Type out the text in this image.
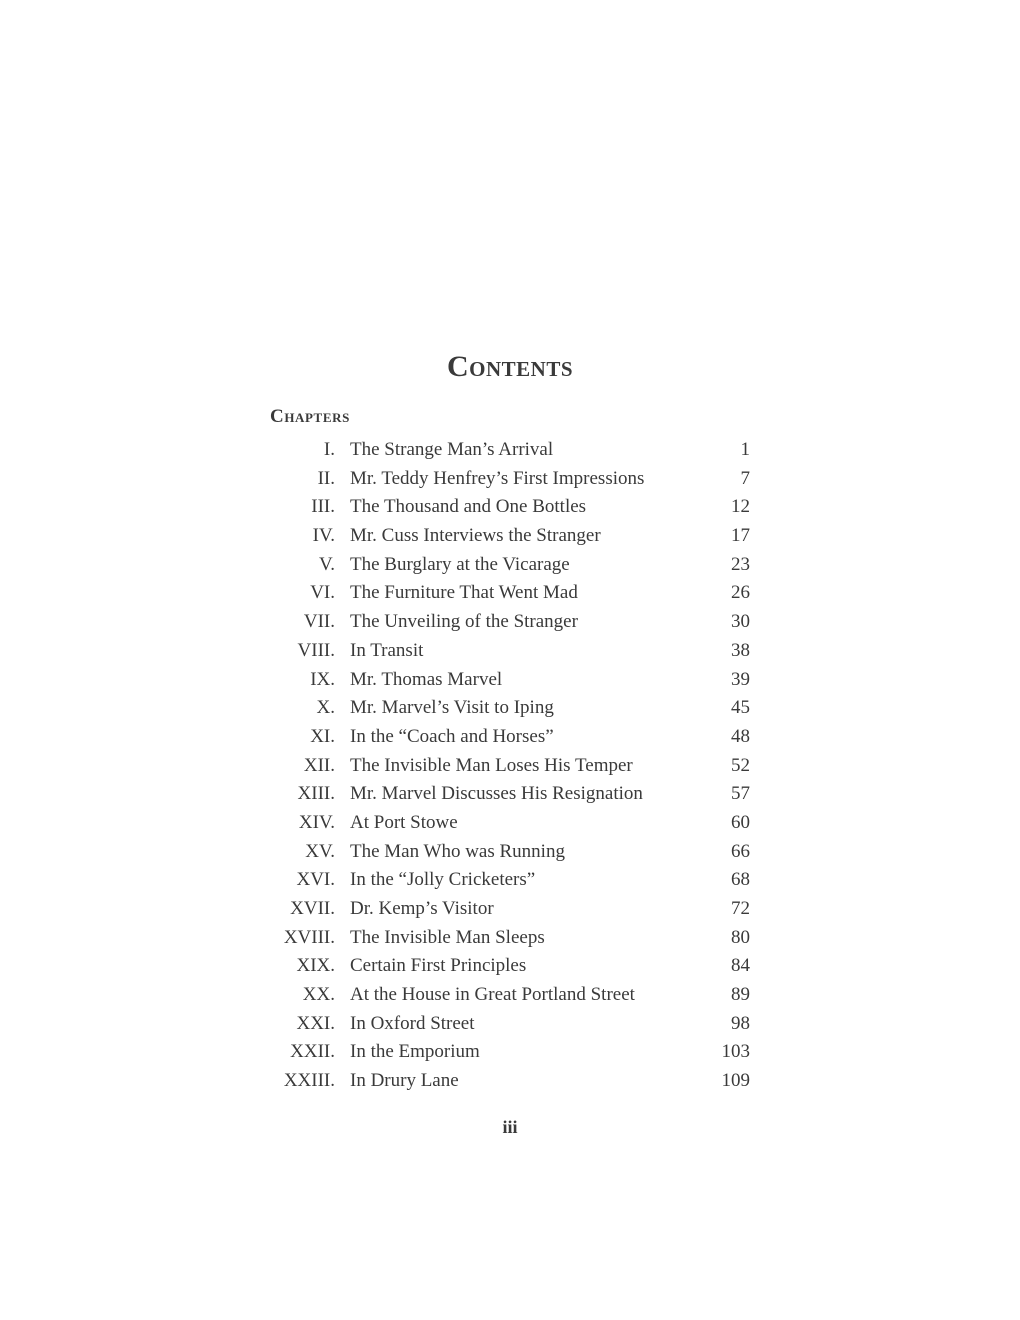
Contents
Chapters
I. The Strange Man’s Arrival	1
II. Mr. Teddy Henfrey’s First Impressions	7
III. The Thousand and One Bottles	12
IV. Mr. Cuss Interviews the Stranger	17
V. The Burglary at the Vicarage	23
VI. The Furniture That Went Mad	26
VII. The Unveiling of the Stranger	30
VIII. In Transit	38
IX. Mr. Thomas Marvel	39
X. Mr. Marvel’s Visit to Iping	45
XI. In the “Coach and Horses”	48
XII. The Invisible Man Loses His Temper	52
XIII. Mr. Marvel Discusses His Resignation	57
XIV. At Port Stowe	60
XV. The Man Who was Running	66
XVI. In the “Jolly Cricketers”	68
XVII. Dr. Kemp’s Visitor	72
XVIII. The Invisible Man Sleeps	80
XIX. Certain First Principles	84
XX. At the House in Great Portland Street	89
XXI. In Oxford Street	98
XXII. In the Emporium	103
XXIII. In Drury Lane	109
iii
